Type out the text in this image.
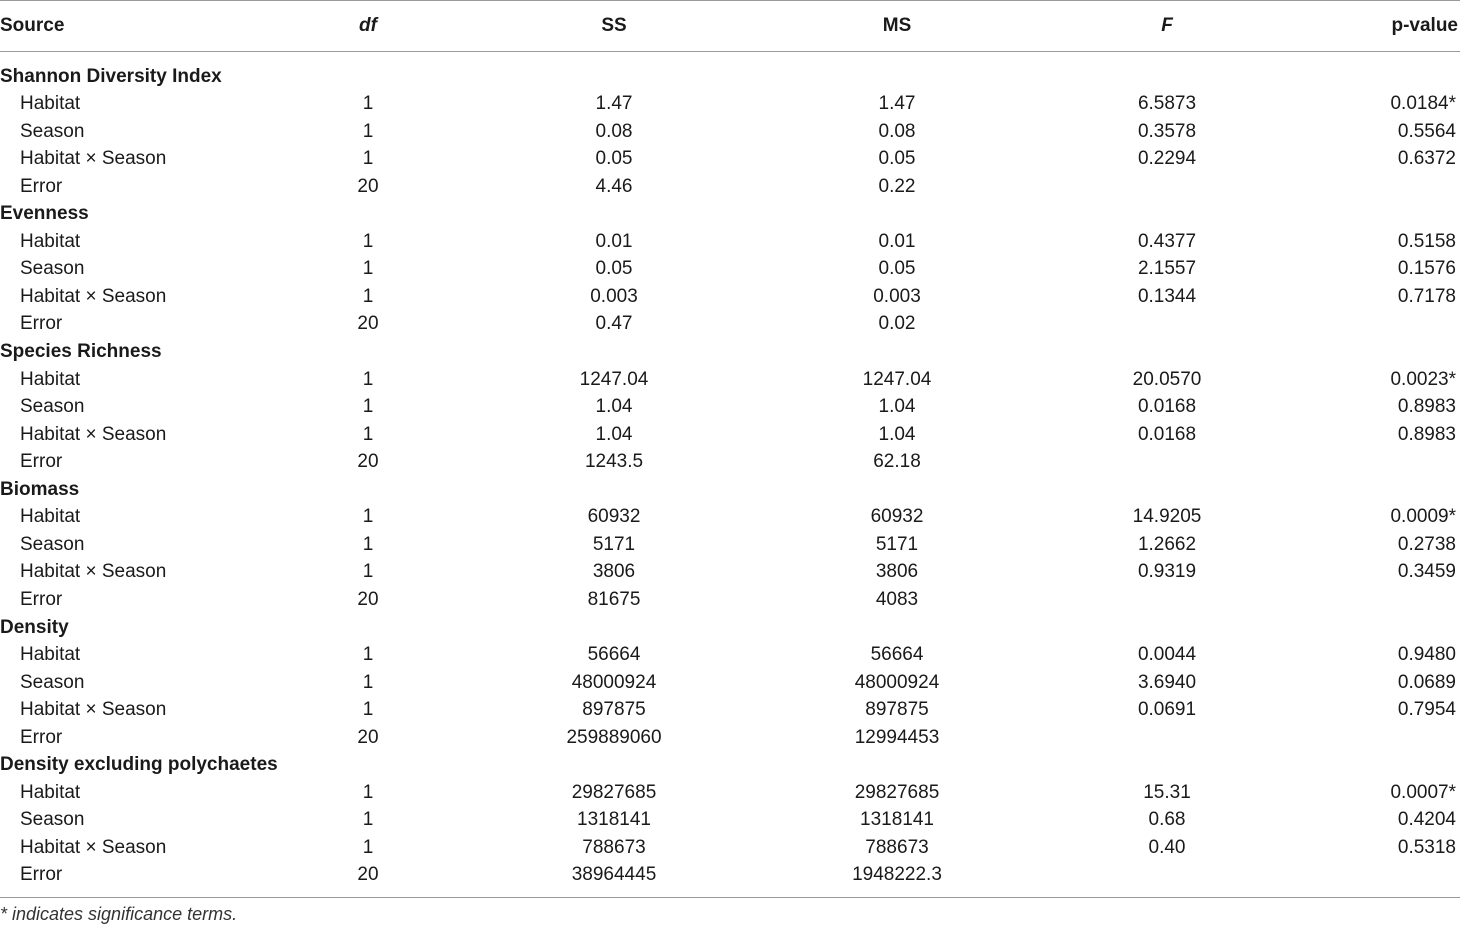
Source	df	SS	MS	F	p-value
Shannon Diversity Index
Habitat	1	1.47	1.47	6.5873	0.0184*
Season	1	0.08	0.08	0.3578	0.5564
Habitat × Season	1	0.05	0.05	0.2294	0.6372
Error	20	4.46	0.22
Evenness
Habitat	1	0.01	0.01	0.4377	0.5158
Season	1	0.05	0.05	2.1557	0.1576
Habitat × Season	1	0.003	0.003	0.1344	0.7178
Error	20	0.47	0.02
Species Richness
Habitat	1	1247.04	1247.04	20.0570	0.0023*
Season	1	1.04	1.04	0.0168	0.8983
Habitat × Season	1	1.04	1.04	0.0168	0.8983
Error	20	1243.5	62.18
Biomass
Habitat	1	60932	60932	14.9205	0.0009*
Season	1	5171	5171	1.2662	0.2738
Habitat × Season	1	3806	3806	0.9319	0.3459
Error	20	81675	4083
Density
Habitat	1	56664	56664	0.0044	0.9480
Season	1	48000924	48000924	3.6940	0.0689
Habitat × Season	1	897875	897875	0.0691	0.7954
Error	20	259889060	12994453
Density excluding polychaetes
Habitat	1	29827685	29827685	15.31	0.0007*
Season	1	1318141	1318141	0.68	0.4204
Habitat × Season	1	788673	788673	0.40	0.5318
Error	20	38964445	1948222.3
* indicates significance terms.
